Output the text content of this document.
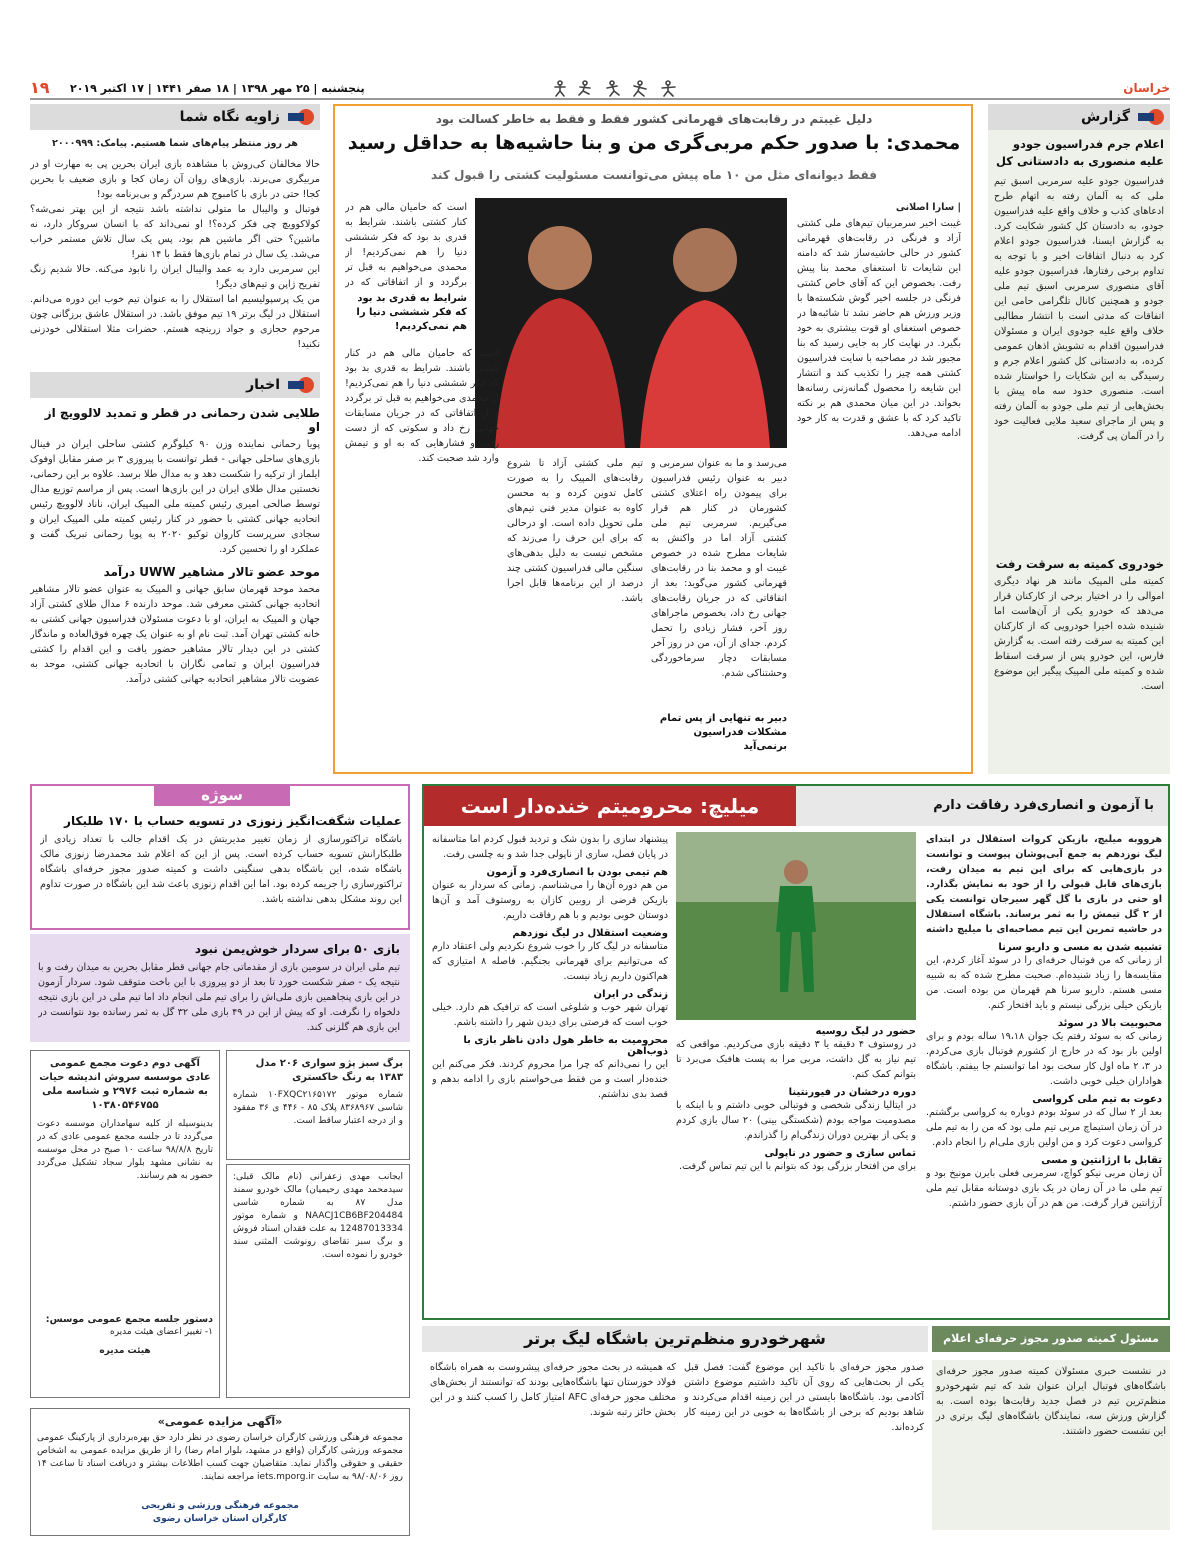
۱۹	پنجشنبه | ۲۵ مهر ۱۳۹۸ | ۱۸ صفر ۱۴۴۱ | ۱۷ اکتبر ۲۰۱۹	خراسان
زاویه نگاه شما

هر روز منتظر پیام‌های شما هستیم. پیامک: ۲۰۰۰۹۹۹

حالا مخالفان کی‌روش با مشاهده بازی ایران بحرین پی به مهارت او در مربیگری می‌برند. بازی‌های روان آن زمان کجا و بازی ضعیف با بحرین کجا! حتی در بازی با کامبوج هم سردرگم و بی‌برنامه بود!

فوتبال و والیبال ما متولی نداشته باشد نتیجه از این بهتر نمی‌شه؟ کولاکوویچ چی فکر کرده؟! او نمی‌داند که با انسان سروکار دارد، نه ماشین؟ حتی اگر ماشین هم بود، پس یک سال تلاش مستمر خراب می‌شد. یک سال در تمام بازی‌ها فقط با ۱۴ نفر!

این سرمربی دارد به عمد والیبال ایران را نابود می‌کنه. حالا شدیم زنگ تفریح ژاپن و تیم‌های دیگر!

من یک پرسپولیسیم اما استقلال را به عنوان تیم خوب این دوره می‌دانم. استقلال در لیگ برتر ۱۹ تیم موفق باشد. در استقلال عاشق برزگانی چون مرحوم حجازی و جواد زرینچه هستم. حضرات مثلا استقلالی خودزنی نکنید!

اخبار

طلایی شدن رحمانی در قطر و تمدید لالوویچ از او

پویا رحمانی نماینده وزن ۹۰ کیلوگرم کشتی ساحلی ایران در فینال بازی‌های ساحلی جهانی - قطر توانست با پیروزی ۳ بر صفر مقابل اوفوک ایلماز از ترکیه را شکست دهد و به مدال طلا برسد. علاوه بر این رحمانی، نخستین مدال طلای ایران در این بازی‌ها است. پس از مراسم توزیع مدال توسط صالحی امیری رئیس کمیته ملی المپیک ایران، ناناد لالوویچ رئیس اتحادیه جهانی کشتی با حضور در کنار رئیس کمیته ملی المپیک ایران و سجادی سرپرست کاروان توکیو ۲۰۲۰ به پویا رحمانی تبریک گفت و عملکرد او را تحسین کرد.

موحد عضو تالار مشاهیر UWW درآمد

محمد موحد قهرمان سابق جهانی و المپیک به عنوان عضو تالار مشاهیر اتحادیه جهانی کشتی معرفی شد. موحد دارنده ۶ مدال طلای کشتی آزاد جهان و المپیک به ایران، او با دعوت مسئولان فدراسیون جهانی کشتی به خانه کشتی تهران آمد. ثبت نام او به عنوان یک چهره فوق‌العاده و ماندگار کشتی در این دیدار تالار مشاهیر حضور یافت و این اقدام را کشتی فدراسیون ایران و تمامی نگاران با اتحادیه جهانی کشتی، موحد به عضویت تالار مشاهیر اتحادیه جهانی کشتی درآمد.

دلیل غیبتم در رقابت‌های قهرمانی کشور فقط و فقط به خاطر کسالت بود

محمدی: با صدور حکم مربی‌گری من و بنا حاشیه‌ها به حداقل رسید

فقط دیوانه‌ای مثل من ۱۰ ماه پیش می‌توانست مسئولیت کشتی را قبول کند

| سارا اصلانی

غیبت اخیر سرمربیان تیم‌های ملی کشتی آزاد و فرنگی در رقابت‌های قهرمانی کشور در حالی حاشیه‌ساز شد که دامنه این شایعات تا استعفای محمد بنا پیش رفت. بخصوص این که آقای خاص کشتی فرنگی در جلسه اخیر گوش شکسته‌ها با وزیر ورزش هم حاضر نشد تا شائبه‌ها در خصوص استعفای او قوت بیشتری به خود بگیرد. در نهایت کار به جایی رسید که بنا مجبور شد در مصاحبه با سایت فدراسیون کشتی همه چیز را تکذیب کند و انتشار این شایعه را محصول گمانه‌زنی رسانه‌ها بخواند. در این میان محمدی هم بر نکته تاکید کرد که با عشق و قدرت به کار خود ادامه می‌دهد.

است که حامیان مالی هم در کنار کشتی باشند. شرایط به قدری بد بود که فکر شششی دنیا را هم نمی‌کردیم! از محمدی می‌خواهیم به قبل تر برگردد و از اتفاقاتی که در

شرایط به قدری بد بود که فکر شششی دنیا را هم نمی‌کردیم!

می‌رسد و ما به عنوان سرمربی و دبیر به عنوان رئیس فدراسیون برای پیمودن راه اعتلای کشتی کشورمان در کنار هم قرار می‌گیریم. سرمربی تیم ملی کشتی آزاد اما در واکنش به شایعات مطرح شده در خصوص غیبت او و محمد بنا در رقابت‌های قهرمانی کشور می‌گوید: بعد از اتفاقاتی که در جریان رقابت‌های جهانی رخ داد، بخصوص ماجراهای روز آخر، فشار زیادی را تحمل کردم. جدای از آن، من در روز آخر مسابقات دچار سرماخوردگی وحشتناکی شدم.

دبیر به تنهایی از پس تمام مشکلات فدراسیون برنمی‌آید

تیم ملی کشتی آزاد تا شروع رقابت‌های المپیک را به صورت کامل تدوین کرده و به محسن کاوه به عنوان مدیر فنی تیم‌های ملی تحویل داده است. او درحالی که برای این حرف را می‌زند که مشخص نیست به دلیل بدهی‌های سنگین مالی فدراسیون کشتی چند درصد از این برنامه‌ها قابل اجرا باشد.

است که حامیان مالی هم در کنار کشتی باشند. شرایط به قدری بد بود که فکر شششی دنیا را هم نمی‌کردیم! از محمدی می‌خواهیم به قبل تر برگردد و از اتفاقاتی که در جریان مسابقات جهانی رخ داد و سکوتی که از دست رفت و فشارهایی که به او و تیمش وارد شد صحبت کند.

گزارش

اعلام جرم فدراسیون جودو علیه منصوری به دادستانی کل

فدراسیون جودو علیه سرمربی اسبق تیم ملی که به آلمان رفته به اتهام طرح ادعاهای کذب و خلاف واقع علیه فدراسیون جودو، به دادستان کل کشور شکایت کرد. به گزارش ایسنا، فدراسیون جودو اعلام کرد به دنبال اتفاقات اخیر و با توجه به تداوم برخی رفتارها، فدراسیون جودو علیه آقای منصوری سرمربی اسبق تیم ملی جودو و همچنین کانال تلگرامی حامی این اتفاقات که مدتی است با انتشار مطالبی خلاف واقع علیه جودوی ایران و مسئولان فدراسیون اقدام به تشویش اذهان عمومی کرده، به دادستانی کل کشور اعلام جرم و رسیدگی به این شکایات را خواستار شده است. منصوری حدود سه ماه پیش با بخش‌هایی از تیم ملی جودو به آلمان رفته و پس از ماجرای سعید ملایی فعالیت خود را در آلمان پی گرفت.

خودروی کمیته به سرقت رفت

کمیته ملی المپیک مانند هر نهاد دیگری اموالی را در اختیار برخی از کارکنان قرار می‌دهد که خودرو یکی از آن‌هاست اما شنیده شده اخیرا خودرویی که از کارکنان این کمیته به سرقت رفته است. به گزارش فارس، این خودرو پس از سرقت اسقاط شده و کمیته ملی المپیک پیگیر این موضوع است.

سوژه

عملیات شگفت‌انگیز زنوزی در تسویه حساب با ۱۷۰ طلبکار

باشگاه تراکتورسازی از زمان تغییر مدیریتش در یک اقدام جالب با تعداد زیادی از طلبکارانش تسویه حساب کرده است. پس از این که اعلام شد محمدرضا زنوزی مالک باشگاه شده، این باشگاه بدهی سنگینی داشت و کمیته صدور مجوز حرفه‌ای باشگاه تراکتورسازی را جریمه کرده بود. اما این اقدام زنوزی باعث شد این باشگاه در صورت تداوم این روند مشکل بدهی نداشته باشد.

بازی ۵۰ برای سردار خوش‌یمن نبود

تیم ملی ایران در سومین بازی از مقدماتی جام جهانی قطر مقابل بحرین به میدان رفت و با نتیجه یک - صفر شکست خورد تا بعد از دو پیروزی با این باخت متوقف شود. سردار آزمون در این بازی پنجاهمین بازی ملی‌اش را برای تیم ملی انجام داد اما تیم ملی در این بازی نتیجه دلخواه را نگرفت. او که پیش از این در ۴۹ بازی ملی ۳۲ گل به ثمر رسانده بود نتوانست در این بازی هم گلزنی کند.

میلیچ: محرومیتم خنده‌دار است	با آزمون و انصاری‌فرد رفاقت دارم

هرووبه میلیچ، بازیکن کروات استقلال در ابتدای لیگ نوزدهم به جمع آبی‌پوشان پیوست و توانست در بازی‌هایی که برای این تیم به میدان رفت، بازی‌های قابل قبولی را از خود به نمایش بگذارد. او حتی در بازی با گل گهر سیرجان توانست یکی از ۲ گل تیمش را به ثمر برساند. باشگاه استقلال در حاشیه تمرین این تیم مصاحبه‌ای با میلیچ داشته

تشبیه شدن به مسی و داریو سرنا

از زمانی که من فوتبال حرفه‌ای را در سوئد آغاز کردم، این مقایسه‌ها را زیاد شنیده‌ام. صحبت مطرح شده که به شبیه مسی هستم. داریو سرنا هم قهرمان من بوده است. من بازیکن خیلی بزرگی نیستم و باید افتخار کنم.

محبوبیت بالا در سوئد

زمانی که به سوئد رفتم یک جوان ۱۹،۱۸ ساله بودم و برای اولین بار بود که در خارج از کشورم فوتبال بازی می‌کردم. در ۳، ۲ ماه اول کار سخت بود اما توانستم جا بیفتم. باشگاه هواداران خیلی خوبی داشت.

دعوت به تیم ملی کرواسی

بعد از ۲ سال که در سوئد بودم دوباره به کرواسی برگشتم. در آن زمان استیماچ مربی تیم ملی بود که من را به تیم ملی کرواسی دعوت کرد و من اولین بازی ملی‌ام را انجام دادم.

تقابل با ارژانتین و مسی

آن زمان مربی نیکو کواچ، سرمربی فعلی بایرن مونیخ بود و تیم ملی ما در آن زمان در یک بازی دوستانه مقابل تیم ملی آرژانتین قرار گرفت. من هم در آن بازی حضور داشتم.

حضور در لیگ روسیه

در روستوف ۴ دقیقه یا ۳ دقیقه بازی می‌کردیم. مواقعی که تیم نیاز به گل داشت، مربی مرا به پست هافبک می‌برد تا بتوانم کمک کنم.

دوره درخشان در فیورنتینا

در ایتالیا زندگی شخصی و فوتبالی خوبی داشتم و با اینکه با مصدومیت مواجه بودم (شکستگی بینی) ۲۰ سال بازی کردم و یکی از بهترین دوران زندگی‌ام را گذراندم.

تماس سازی و حضور در ناپولی

برای من افتخار بزرگی بود که بتوانم با این تیم تماس گرفت.

پیشنهاد سازی را بدون شک و تردید قبول کردم اما متاسفانه در پایان فصل، سازی از ناپولی جدا شد و به چلسی رفت.

هم تیمی بودن با انصاری‌فرد و آزمون

من هم دوره آن‌ها را می‌شناسم. زمانی که سردار به عنوان بازیکن قرضی از روبین کازان به روستوف آمد و آن‌ها دوستان خوبی بودیم و با هم رفاقت داریم.

وضعیت استقلال در لیگ نوزدهم

متاسفانه در لیگ کار را خوب شروع نکردیم ولی اعتقاد دارم که می‌توانیم برای قهرمانی بجنگیم. فاصله ۸ امتیازی که هم‌اکنون داریم زیاد نیست.

زندگی در ایران

تهران شهر خوب و شلوغی است که ترافیک هم دارد. خیلی خوب است که فرصتی برای دیدن شهر را داشته باشم.

محرومیت به خاطر هول دادن ناظر بازی با ذوب‌آهن

این را نمی‌دانم که چرا مرا محروم کردند. فکر می‌کنم این خنده‌دار است و من فقط می‌خواستم بازی را ادامه بدهم و قصد بدی نداشتم.

آگهی دوم دعوت مجمع عمومی عادی موسسه سروش اندیشه حیات به شماره ثبت ۲۹۷۶ و شناسه ملی ۱۰۳۸۰۵۴۶۷۵۵

بدینوسیله از کلیه سهامداران موسسه دعوت می‌گردد تا در جلسه مجمع عمومی عادی که در تاریخ ۹۸/۸/۸ ساعت ۱۰ صبح در محل موسسه به نشانی مشهد بلوار سجاد تشکیل می‌گردد حضور به هم رسانند.

دستور جلسه مجمع عمومی موسس:

۱- تغییر اعضای هیئت مدیره

هیئت مدیره

برگ سبز پژو سواری ۲۰۶ مدل ۱۳۸۳ به رنگ خاکستری

شماره موتور ۱۰FXQC۲۱۶۵۱۷۲ شماره شاسی ۸۳۶۸۹۶۷ پلاک ۸۵ - ۴۴۶ ی ۳۶ مفقود و از درجه اعتبار ساقط است.

ایجانب مهدی زعفرانی (نام مالک قبلی: سیدمحمد مهدی رحیمیان) مالک خودرو سمند مدل ۸۷ به شماره شاسی NAACJ1CB6BF204484 و شماره موتور 12487013334 به علت فقدان اسناد فروش و برگ سبز تقاضای رونوشت المثنی سند خودرو را نموده است.

«آگهی مزایده عمومی»

مجموعه فرهنگی ورزشی کارگران خراسان رضوی در نظر دارد حق بهره‌برداری از پارکینگ عمومی مجموعه ورزشی کارگران (واقع در مشهد، بلوار امام رضا) را از طریق مزایده عمومی به اشخاص حقیقی و حقوقی واگذار نماید. متقاضیان جهت کسب اطلاعات بیشتر و دریافت اسناد تا ساعت ۱۴ روز ۹۸/۰۸/۰۶ به سایت iets.mporg.ir مراجعه نمایند.

مجموعه فرهنگی ورزشی و تفریحی

کارگران استان خراسان رضوی

مسئول کمیته صدور مجوز حرفه‌ای اعلام

شهرخودرو منظم‌ترین باشگاه لیگ برتر

در نشست خبری مسئولان کمیته صدور مجوز حرفه‌ای باشگاه‌های فوتبال ایران عنوان شد که تیم شهرخودرو منظم‌ترین تیم در فصل جدید رقابت‌ها بوده است. به گزارش ورزش سه، نمایندگان باشگاه‌های لیگ برتری در این نشست حضور داشتند.

صدور مجوز حرفه‌ای با تاکید این موضوع گفت: فصل قبل یکی از بحث‌هایی که روی آن تاکید داشتیم موضوع داشتن آکادمی بود. باشگاه‌ها بایستی در این زمینه اقدام می‌کردند و شاهد بودیم که برخی از باشگاه‌ها به خوبی در این زمینه کار کرده‌اند.

که همیشه در بحث مجوز حرفه‌ای پیشروست به همراه باشگاه فولاد خوزستان تنها باشگاه‌هایی بودند که توانستند از بخش‌های مختلف مجوز حرفه‌ای AFC امتیاز کامل را کسب کنند و در این بخش حائز رتبه شوند.
